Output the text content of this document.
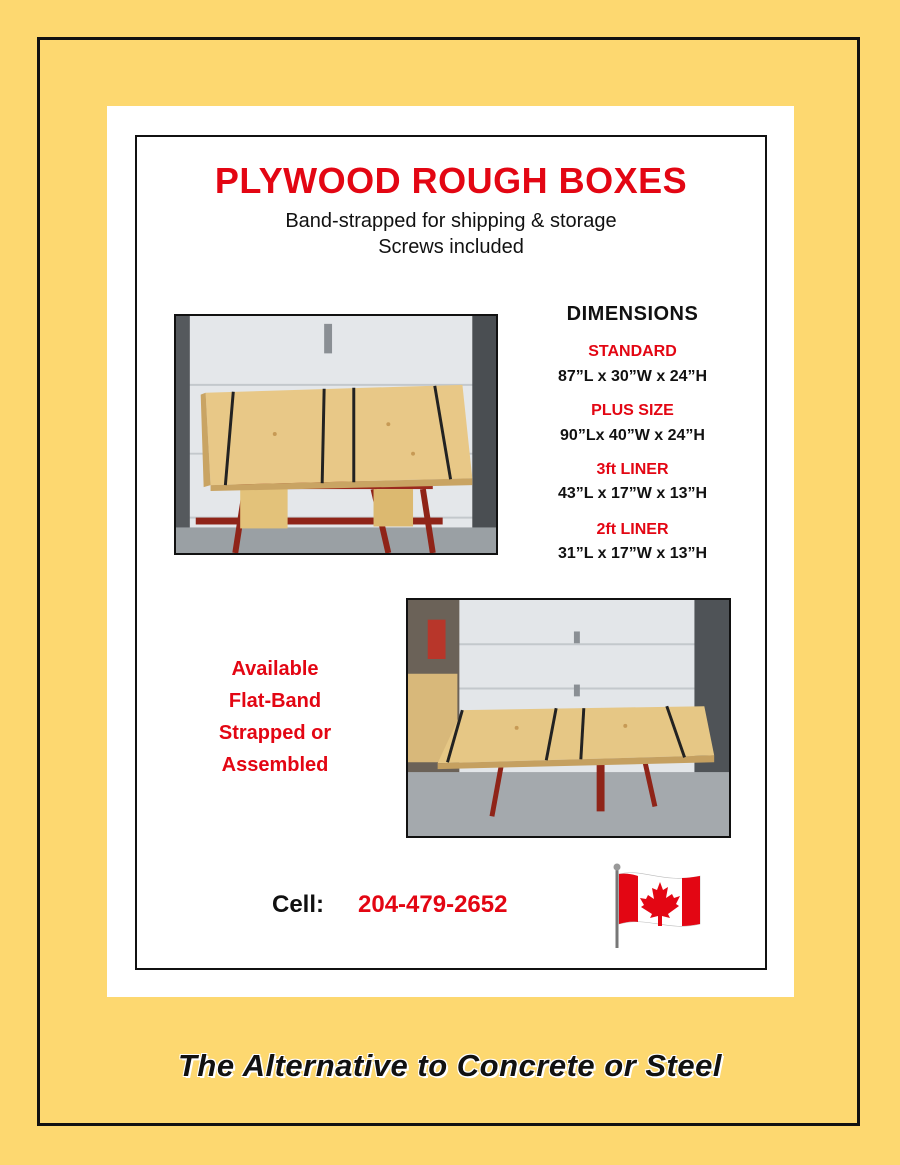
PLYWOOD ROUGH BOXES
Band-strapped for shipping & storage
Screws included
DIMENSIONS
STANDARD
87”L x 30”W x 24”H
PLUS SIZE
90”Lx 40”W x 24”H
3ft LINER
43”L x 17”W x 13”H
2ft LINER
31”L x 17”W x 13”H
Available
Flat-Band
Strapped or
Assembled
Cell: 204-479-2652
The Alternative to Concrete or Steel
